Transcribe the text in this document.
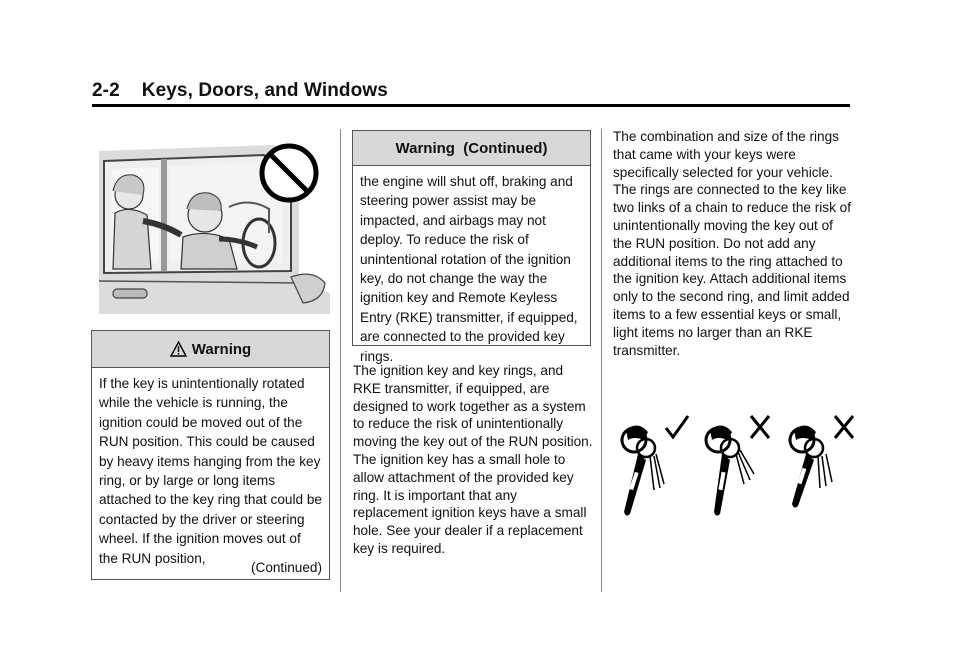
2-2 Keys, Doors, and Windows
Warning
If the key is unintentionally rotated while the vehicle is running, the ignition could be moved out of the RUN position. This could be caused by heavy items hanging from the key ring, or by large or long items attached to the key ring that could be contacted by the driver or steering wheel. If the ignition moves out of the RUN position,
(Continued)
Warning  (Continued)
the engine will shut off, braking and steering power assist may be impacted, and airbags may not deploy. To reduce the risk of unintentional rotation of the ignition key, do not change the way the ignition key and Remote Keyless Entry (RKE) transmitter, if equipped, are connected to the provided key rings.
The ignition key and key rings, and RKE transmitter, if equipped, are designed to work together as a system to reduce the risk of unintentionally moving the key out of the RUN position. The ignition key has a small hole to allow attachment of the provided key ring. It is important that any replacement ignition keys have a small hole. See your dealer if a replacement key is required.
The combination and size of the rings that came with your keys were specifically selected for your vehicle. The rings are connected to the key like two links of a chain to reduce the risk of unintentionally moving the key out of the RUN position. Do not add any additional items to the ring attached to the ignition key. Attach additional items only to the second ring, and limit added items to a few essential keys or small, light items no larger than an RKE transmitter.
